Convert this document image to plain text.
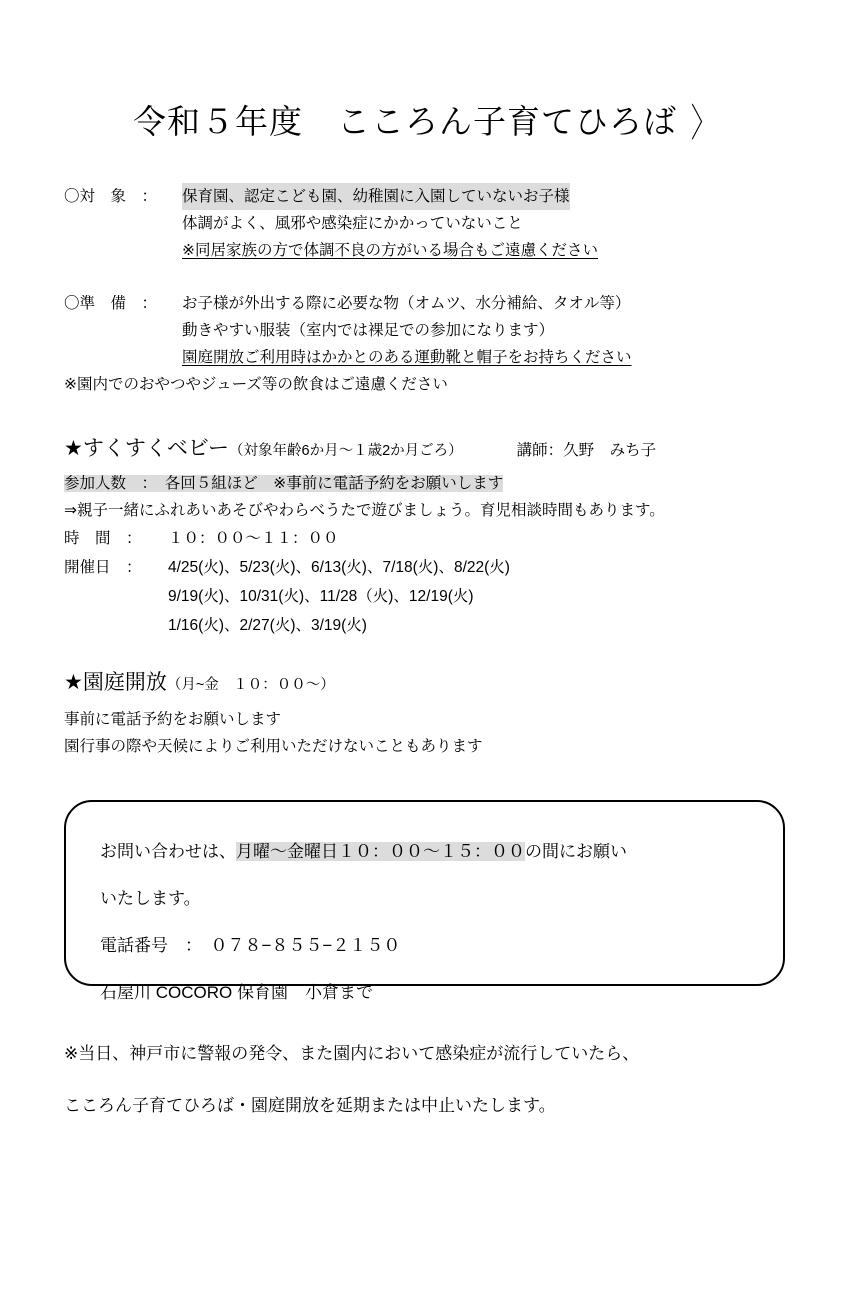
令和５年度　こころん子育てひろば 〉
〇対　象　：	保育園、認定こども園、幼稚園に入園していないお子様
体調がよく、風邪や感染症にかかっていないこと
※同居家族の方で体調不良の方がいる場合もご遠慮ください
〇準　備　：	お子様が外出する際に必要な物（オムツ、水分補給、タオル等）
動きやすい服装（室内では裸足での参加になります）
園庭開放ご利用時はかかとのある運動靴と帽子をお持ちください
※園内でのおやつやジューズ等の飲食はご遠慮ください
★すくすくベビー （対象年齢6か月〜１歳2か月ごろ）	講師：久野　みち子
参加人数　：　各回５組ほど　※事前に電話予約をお願いします
⇒親子一緒にふれあいあそびやわらべうたで遊びましょう。育児相談時間もあります。
時　間　：	１０：００〜１１：００
開催日　：	4/25(火)、5/23(火)、6/13(火)、7/18(火)、8/22(火)
9/19(火)、10/31(火)、11/28（火)、12/19(火)
1/16(火)、2/27(火)、3/19(火)
★園庭開放 （月~金　１０：００〜）
事前に電話予約をお願いします
園行事の際や天候によりご利用いただけないこともあります
お問い合わせは、月曜〜金曜日１０：００〜１５：００の間にお願い
いたします。
電話番号　：　０７８−８５５−２１５０
石屋川 COCORO 保育園　小倉まで
※当日、神戸市に警報の発令、また園内において感染症が流行していたら、
こころん子育てひろば・園庭開放を延期または中止いたします。
